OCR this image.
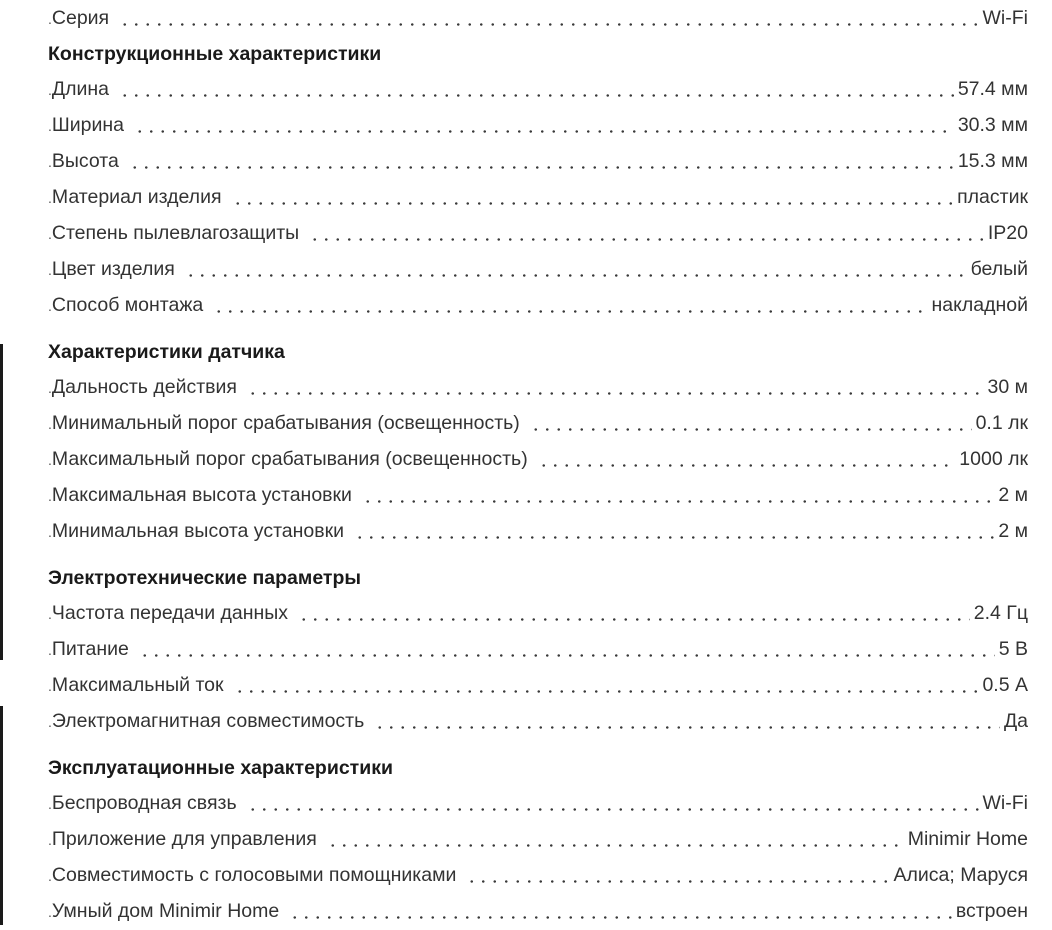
. Серия	Wi-Fi
Конструкционные характеристики
. Длина	57.4 мм
. Ширина	30.3 мм
. Высота	15.3 мм
. Материал изделия	пластик
. Степень пылевлагозащиты	IP20
. Цвет изделия	белый
. Способ монтажа	накладной
Характеристики датчика
. Дальность действия	30 м
. Минимальный порог срабатывания (освещенность)	0.1 лк
. Максимальный порог срабатывания (освещенность)	1000 лк
. Максимальная высота установки	2 м
. Минимальная высота установки	2 м
Электротехнические параметры
. Частота передачи данных	2.4 Гц
. Питание	5 В
. Максимальный ток	0.5 А
. Электромагнитная совместимость	Да
Эксплуатационные характеристики
. Беспроводная связь	Wi-Fi
. Приложение для управления	Minimir Home
. Совместимость с голосовыми помощниками	Алиса; Маруся
. Умный дом Minimir Home	встроен
